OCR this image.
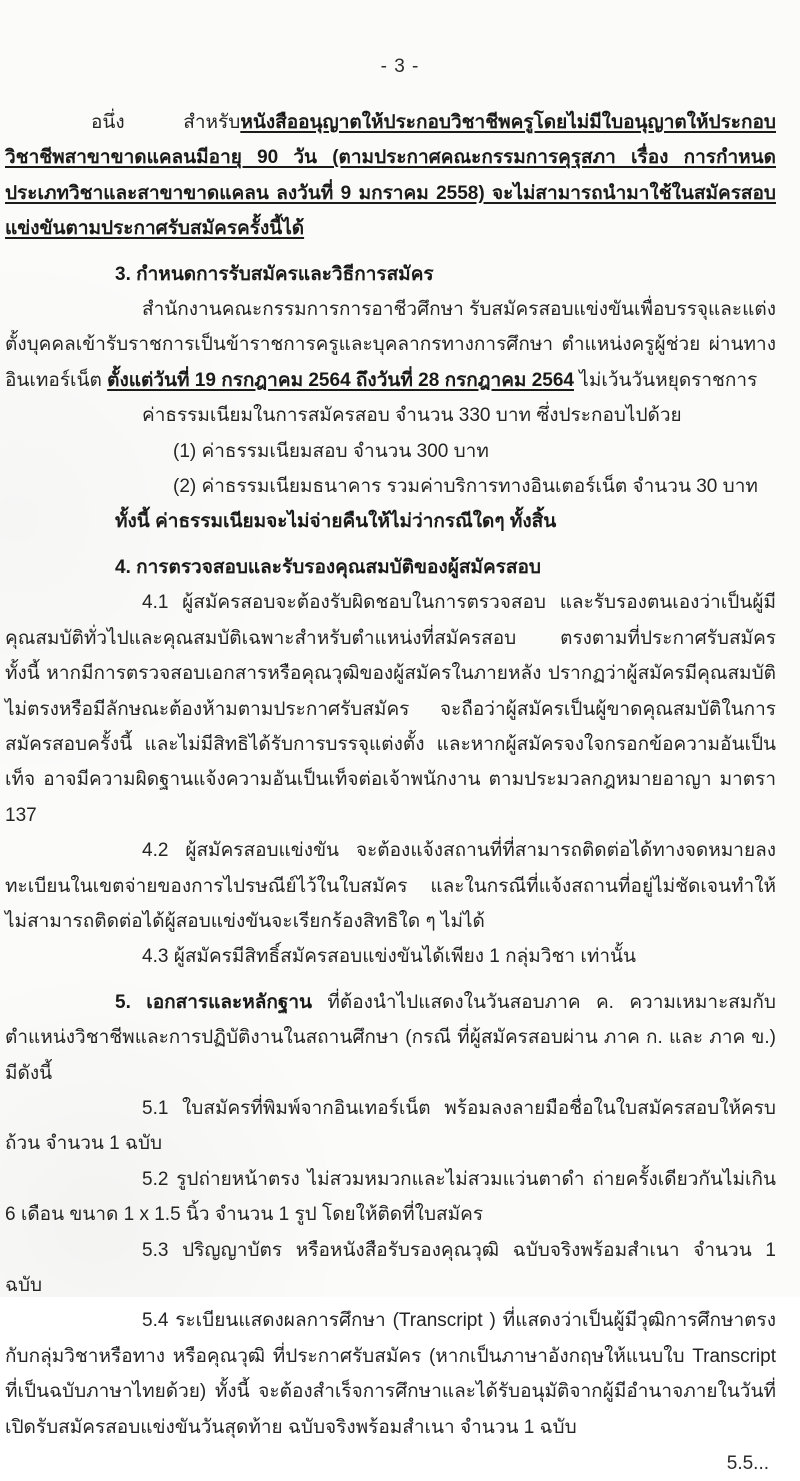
- 3 -

อนึ่ง สำหรับหนังสืออนุญาตให้ประกอบวิชาชีพครูโดยไม่มีใบอนุญาตให้ประกอบวิชาชีพสาขาขาดแคลนมีอายุ 90 วัน (ตามประกาศคณะกรรมการคุรุสภา เรื่อง การกำหนดประเภทวิชาและสาขาขาดแคลน ลงวันที่ 9 มกราคม 2558) จะไม่สามารถนำมาใช้ในสมัครสอบแข่งขันตามประกาศรับสมัครครั้งนี้ได้

3. กำหนดการรับสมัครและวิธีการสมัคร

สำนักงานคณะกรรมการการอาชีวศึกษา รับสมัครสอบแข่งขันเพื่อบรรจุและแต่งตั้งบุคคลเข้ารับราชการเป็นข้าราชการครูและบุคลากรทางการศึกษา ตำแหน่งครูผู้ช่วย ผ่านทางอินเทอร์เน็ต ตั้งแต่วันที่ 19 กรกฎาคม 2564 ถึงวันที่ 28 กรกฎาคม 2564 ไม่เว้นวันหยุดราชการ

ค่าธรรมเนียมในการสมัครสอบ จำนวน 330 บาท ซึ่งประกอบไปด้วย

(1) ค่าธรรมเนียมสอบ จำนวน 300 บาท

(2) ค่าธรรมเนียมธนาคาร รวมค่าบริการทางอินเตอร์เน็ต จำนวน 30 บาท

ทั้งนี้ ค่าธรรมเนียมจะไม่จ่ายคืนให้ไม่ว่ากรณีใดๆ ทั้งสิ้น

4. การตรวจสอบและรับรองคุณสมบัติของผู้สมัครสอบ

4.1 ผู้สมัครสอบจะต้องรับผิดชอบในการตรวจสอบ และรับรองตนเองว่าเป็นผู้มีคุณสมบัติทั่วไปและคุณสมบัติเฉพาะสำหรับตำแหน่งที่สมัครสอบ ตรงตามที่ประกาศรับสมัคร ทั้งนี้ หากมีการตรวจสอบเอกสารหรือคุณวุฒิของผู้สมัครในภายหลัง ปรากฏว่าผู้สมัครมีคุณสมบัติไม่ตรงหรือมีลักษณะต้องห้ามตามประกาศรับสมัคร จะถือว่าผู้สมัครเป็นผู้ขาดคุณสมบัติในการสมัครสอบครั้งนี้ และไม่มีสิทธิได้รับการบรรจุแต่งตั้ง และหากผู้สมัครจงใจกรอกข้อความอันเป็นเท็จ อาจมีความผิดฐานแจ้งความอันเป็นเท็จต่อเจ้าพนักงาน ตามประมวลกฎหมายอาญา มาตรา 137

4.2 ผู้สมัครสอบแข่งขัน จะต้องแจ้งสถานที่ที่สามารถติดต่อได้ทางจดหมายลงทะเบียนในเขตจ่ายของการไปรษณีย์ไว้ในใบสมัคร และในกรณีที่แจ้งสถานที่อยู่ไม่ชัดเจนทำให้ไม่สามารถติดต่อได้ผู้สอบแข่งขันจะเรียกร้องสิทธิใด ๆ ไม่ได้

4.3 ผู้สมัครมีสิทธิ์สมัครสอบแข่งขันได้เพียง 1 กลุ่มวิชา เท่านั้น

5. เอกสารและหลักฐาน ที่ต้องนำไปแสดงในวันสอบภาค ค. ความเหมาะสมกับตำแหน่งวิชาชีพและการปฏิบัติงานในสถานศึกษา (กรณี ที่ผู้สมัครสอบผ่าน ภาค ก. และ ภาค ข.) มีดังนี้

5.1 ใบสมัครที่พิมพ์จากอินเทอร์เน็ต พร้อมลงลายมือชื่อในใบสมัครสอบให้ครบถ้วน จำนวน 1 ฉบับ

5.2 รูปถ่ายหน้าตรง ไม่สวมหมวกและไม่สวมแว่นตาดำ ถ่ายครั้งเดียวกันไม่เกิน 6 เดือน ขนาด 1 x 1.5 นิ้ว จำนวน 1 รูป โดยให้ติดที่ใบสมัคร

5.3 ปริญญาบัตร หรือหนังสือรับรองคุณวุฒิ ฉบับจริงพร้อมสำเนา จำนวน 1 ฉบับ

5.4 ระเบียนแสดงผลการศึกษา (Transcript ) ที่แสดงว่าเป็นผู้มีวุฒิการศึกษาตรงกับกลุ่มวิชาหรือทาง หรือคุณวุฒิ ที่ประกาศรับสมัคร (หากเป็นภาษาอังกฤษให้แนบใบ Transcript ที่เป็นฉบับภาษาไทยด้วย) ทั้งนี้ จะต้องสำเร็จการศึกษาและได้รับอนุมัติจากผู้มีอำนาจภายในวันที่เปิดรับสมัครสอบแข่งขันวันสุดท้าย ฉบับจริงพร้อมสำเนา จำนวน 1 ฉบับ

5.5...
